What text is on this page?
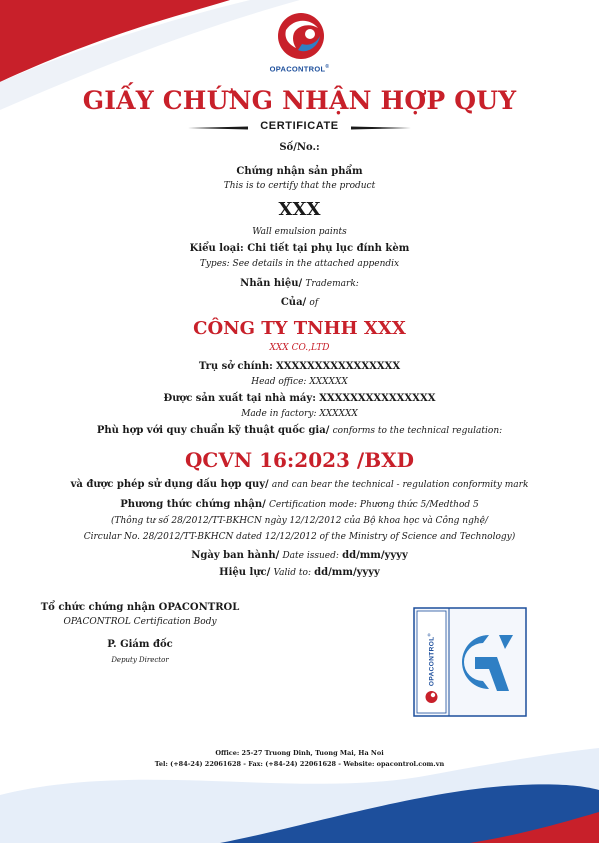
OPACONTROL®
GIẤY CHỨNG NHẬN HỢP QUY
CERTIFICATE
Số/No.:
Chứng nhận sản phẩm
This is to certify that the product
XXX
Wall emulsion paints
Kiểu loại: Chi tiết tại phụ lục đính kèm
Types: See details in the attached appendix
Nhãn hiệu/ Trademark:
Của/ of
CÔNG TY TNHH XXX
XXX CO.,LTD
Trụ sở chính: XXXXXXXXXXXXXXXX
Head office: XXXXXX
Được sản xuất tại nhà máy: XXXXXXXXXXXXXXX
Made in factory: XXXXXX
Phù hợp với quy chuẩn kỹ thuật quốc gia/ conforms to the technical regulation:
QCVN 16:2023 /BXD
và được phép sử dụng dấu hợp quy/ and can bear the technical - regulation conformity mark
Phương thức chứng nhận/ Certification mode: Phương thức 5/Medthod 5
(Thông tư số 28/2012/TT-BKHCN ngày 12/12/2012 của Bộ khoa học và Công nghệ/
Circular No. 28/2012/TT-BKHCN dated 12/12/2012 of the Ministry of Science and Technology)
Ngày ban hành/ Date issued: dd/mm/yyyy
Hiệu lực/ Valid to: dd/mm/yyyy
Tổ chức chứng nhận OPACONTROL
OPACONTROL Certification Body
P. Giám đốc
Deputy Director	OPACONTROL®
Office: 25-27 Truong Dinh, Tuong Mai, Ha Noi
Tel: (+84-24) 22061628 - Fax: (+84-24) 22061628 - Website: opacontrol.com.vn
